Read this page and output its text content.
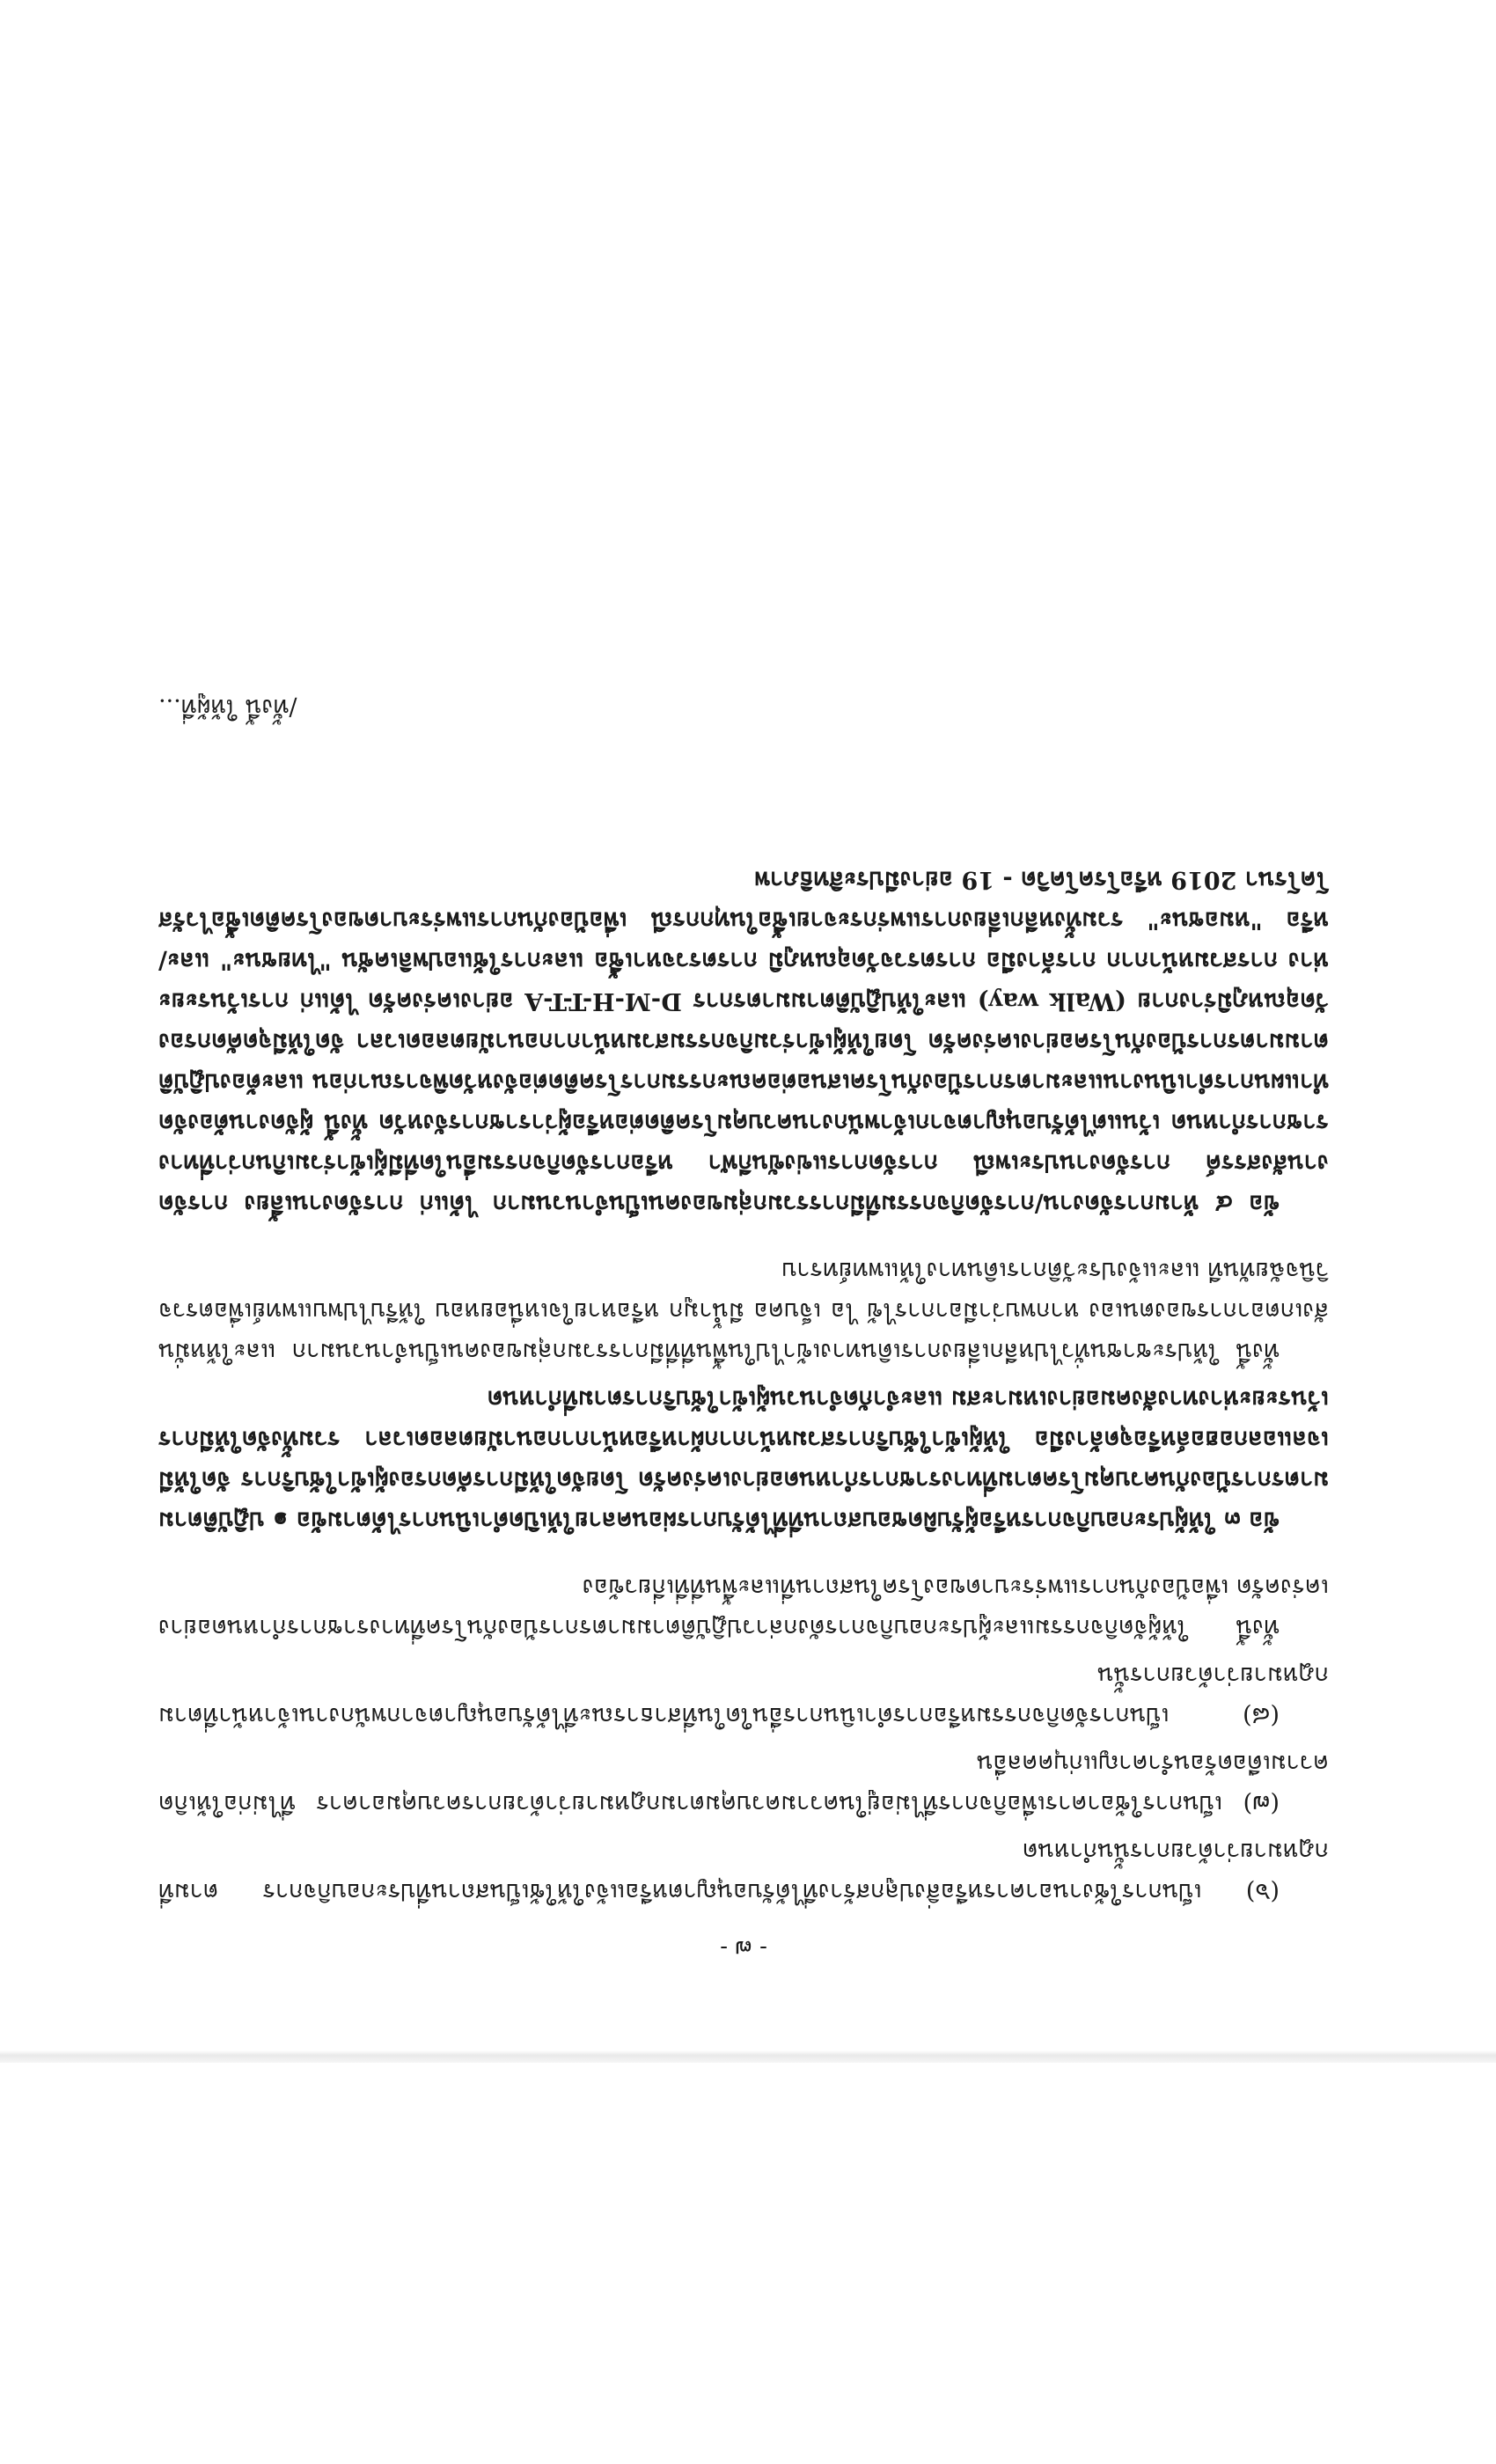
- ๗ -

(๖) เป็นการใช้งานอาคารหรือสิ่งปลูกสร้างที่ได้รับอนุญาตหรือแจ้งให้ใช้เป็นสถานที่ประกอบกิจการ ตามที่กฎหมายว่าด้วยการนั้นกำหนด

(๗) เป็นการใช้อาคารเพื่อกิจการที่ไม่อยู่ในความควบคุมตามกฎหมายว่าด้วยการควบคุมอาคาร ที่ไม่ก่อให้เกิดความเดือดร้อนรำคาญแก่บุคคลอื่น

(๘) เป็นการจัดกิจกรรมหรือการดำเนินการอื่นใดในที่สาธารณะที่ได้รับอนุญาตจากพนักงานเจ้าหน้าที่ตามกฎหมายว่าด้วยการนั้น

ทั้งนี้ ให้ผู้จัดกิจกรรมและผู้ประกอบกิจการดังกล่าวปฏิบัติตามมาตรการป้องกันโรคที่ทางราชการกำหนดอย่างเคร่งครัด เพื่อป้องกันการแพร่ระบาดของโรคในสถานที่และพื้นที่ที่เกี่ยวข้อง

ข้อ ๓ ให้ผู้ประกอบกิจการหรือผู้รับผิดชอบสถานที่ที่ได้รับการผ่อนคลายให้เปิดดำเนินการได้ตามข้อ ๑ ปฏิบัติตามมาตรการป้องกันควบคุมโรคตามที่ทางราชการกำหนดอย่างเคร่งครัด โดยจัดให้มีการคัดกรองผู้เข้าใช้บริการ จัดให้มีเจลแอลกอฮอล์หรือจุดล้างมือ ให้ผู้เข้าใช้บริการสวมหน้ากากผ้าหรือหน้ากากอนามัยตลอดเวลา รวมทั้งจัดให้มีการเว้นระยะห่างทางสังคมอย่างเหมาะสม และจำกัดจำนวนผู้เข้าใช้บริการตามที่กำหนด

ทั้งนี้ ให้ประชาชนทั่วไปหลีกเลี่ยงการเดินทางเข้าไปในพื้นที่ที่มีการรวมกลุ่มของคนเป็นจำนวนมาก และให้หมั่นสังเกตอาการของตนเอง หากพบว่ามีอาการไข้ ไอ เจ็บคอ มีน้ำมูก หรือหายใจเหนื่อยหอบ ให้รีบไปพบแพทย์เพื่อตรวจวินิจฉัยทันที และแจ้งประวัติการเดินทางให้แพทย์ทราบ

ข้อ ๔ ห้ามการจัดงาน/การจัดกิจกรรมที่มีการรวมกลุ่มของคนเป็นจำนวนมาก ได้แก่ การจัดงานเลี้ยง การจัดงานสังสรรค์ การจัดงานประเพณี การจัดการแข่งขันกีฬา หรือการจัดกิจกรรมอื่นใดที่มีผู้เข้าร่วมเกินกว่าที่ทางราชการกำหนด เว้นแต่ได้รับอนุญาตจากเจ้าพนักงานควบคุมโรคติดต่อหรือผู้ว่าราชการจังหวัด ทั้งนี้ ผู้จัดงานต้องจัดทำแผนการดำเนินงานและมาตรการป้องกันโรคเสนอต่อคณะกรรมการโรคติดต่อจังหวัดพิจารณาก่อน และต้องปฏิบัติตามมาตรการป้องกันโรคอย่างเคร่งครัด โดยให้ผู้เข้าร่วมกิจกรรมสวมหน้ากากอนามัยตลอดเวลา จัดให้มีจุดคัดกรองวัดอุณหภูมิร่างกาย (Walk way) และให้ปฏิบัติตามมาตรการ D-M-H-T-T-A อย่างเคร่งครัด ได้แก่ การเว้นระยะห่าง การสวมหน้ากาก การล้างมือ การตรวจวัดอุณหภูมิ การตรวจหาเชื้อ และการใช้แอปพลิเคชัน "ไทยชนะ" และ/หรือ "หมอชนะ" รวมทั้งหลีกเลี่ยงการแพร่กระจายเชื้อในทุกกรณี เพื่อป้องกันการแพร่ระบาดของโรคติดเชื้อไวรัสโคโรนา 2019 หรือโรคโควิด - 19 อย่างมีประสิทธิภาพ

/ทั้งนี้ ให้ผู้ที่...
